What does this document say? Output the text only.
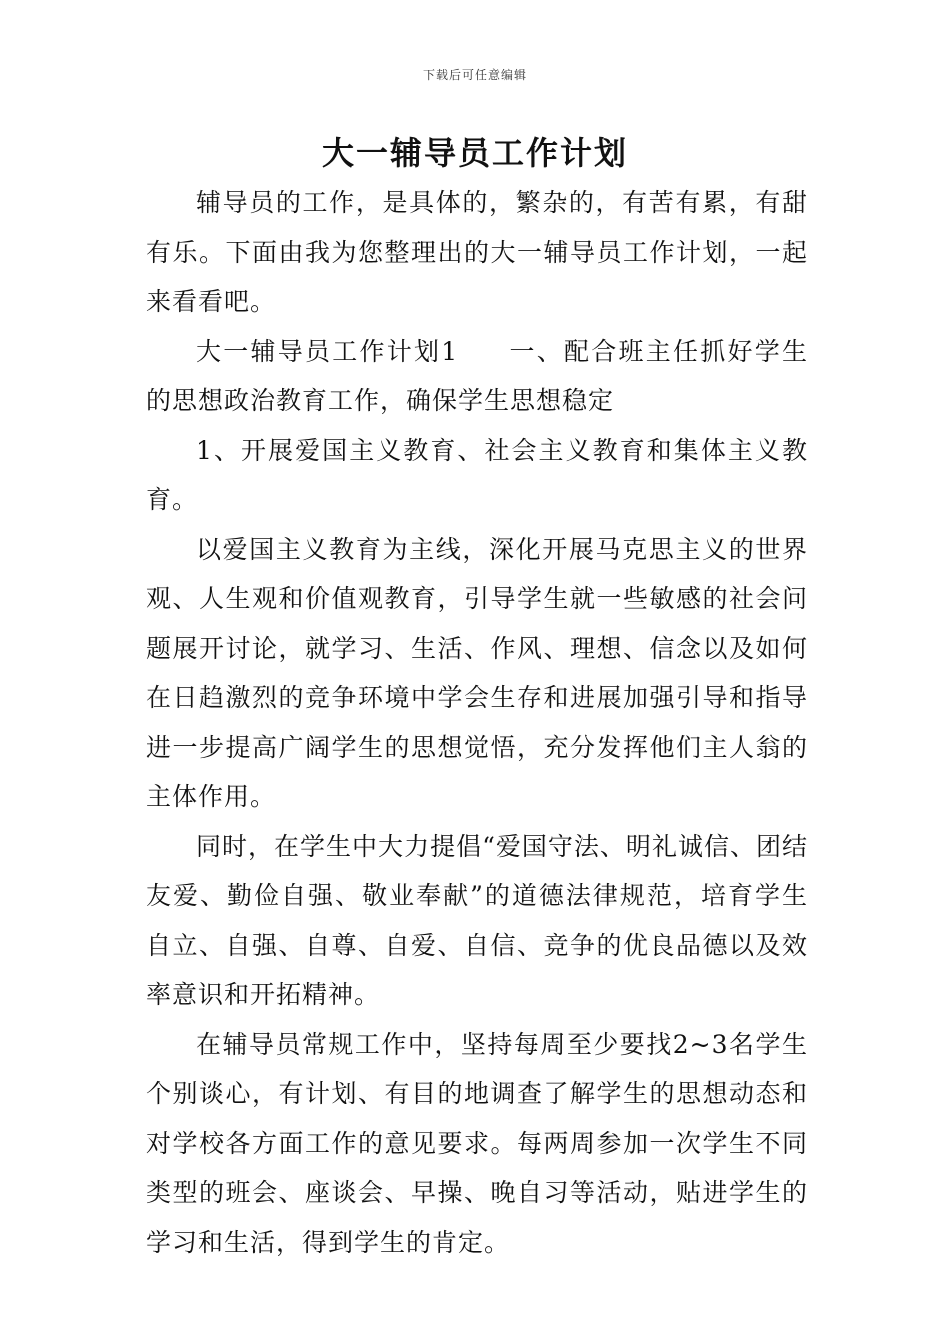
下载后可任意编辑
大一辅导员工作计划

辅导员的工作，是具体的，繁杂的，有苦有累，有甜有乐。下面由我为您整理出的大一辅导员工作计划，一起来看看吧。

大一辅导员工作计划1 一、配合班主任抓好学生的思想政治教育工作，确保学生思想稳定

1、开展爱国主义教育、社会主义教育和集体主义教育。

以爱国主义教育为主线，深化开展马克思主义的世界观、人生观和价值观教育，引导学生就一些敏感的社会问题展开讨论，就学习、生活、作风、理想、信念以及如何在日趋激烈的竞争环境中学会生存和进展加强引导和指导进一步提高广阔学生的思想觉悟，充分发挥他们主人翁的主体作用。

同时，在学生中大力提倡“爱国守法、明礼诚信、团结友爱、勤俭自强、敬业奉献”的道德法律规范，培育学生自立、自强、自尊、自爱、自信、竞争的优良品德以及效率意识和开拓精神。

在辅导员常规工作中，坚持每周至少要找2~3名学生个别谈心，有计划、有目的地调查了解学生的思想动态和对学校各方面工作的意见要求。每两周参加一次学生不同类型的班会、座谈会、早操、晚自习等活动，贴进学生的学习和生活，得到学生的肯定。
